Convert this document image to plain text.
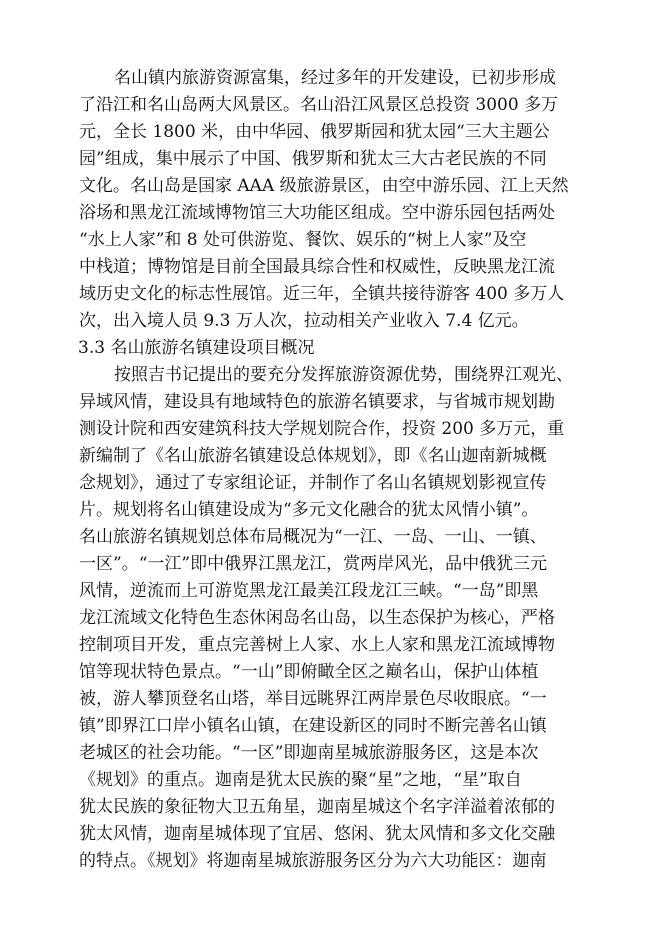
名山镇内旅游资源富集，经过多年的开发建设，已初步形成
了沿江和名山岛两大风景区。名山沿江风景区总投资 3000 多万
元，全长 1800 米，由中华园、俄罗斯园和犹太园“三大主题公
园”组成，集中展示了中国、俄罗斯和犹太三大古老民族的不同
文化。名山岛是国家 AAA 级旅游景区，由空中游乐园、江上天然
浴场和黑龙江流域博物馆三大功能区组成。空中游乐园包括两处
“水上人家”和 8 处可供游览、餐饮、娱乐的“树上人家”及空
中栈道；博物馆是目前全国最具综合性和权威性，反映黑龙江流
域历史文化的标志性展馆。近三年，全镇共接待游客 400 多万人
次，出入境人员 9.3 万人次，拉动相关产业收入 7.4 亿元。
3.3 名山旅游名镇建设项目概况
按照吉书记提出的要充分发挥旅游资源优势，围绕界江观光、
异域风情，建设具有地域特色的旅游名镇要求，与省城市规划勘
测设计院和西安建筑科技大学规划院合作，投资 200 多万元，重
新编制了《名山旅游名镇建设总体规划》，即《名山迦南新城概
念规划》，通过了专家组论证，并制作了名山名镇规划影视宣传
片。规划将名山镇建设成为“多元文化融合的犹太风情小镇”。
名山旅游名镇规划总体布局概况为“一江、一岛、一山、一镇、
一区”。“一江”即中俄界江黑龙江，赏两岸风光，品中俄犹三元
风情，逆流而上可游览黑龙江最美江段龙江三峡。“一岛”即黑
龙江流域文化特色生态休闲岛名山岛，以生态保护为核心，严格
控制项目开发，重点完善树上人家、水上人家和黑龙江流域博物
馆等现状特色景点。“一山”即俯瞰全区之巅名山，保护山体植
被，游人攀顶登名山塔，举目远眺界江两岸景色尽收眼底。“一
镇”即界江口岸小镇名山镇，在建设新区的同时不断完善名山镇
老城区的社会功能。“一区”即迦南星城旅游服务区，这是本次
《规划》的重点。迦南是犹太民族的聚“星”之地，“星”取自
犹太民族的象征物大卫五角星，迦南星城这个名字洋溢着浓郁的
犹太风情，迦南星城体现了宜居、悠闲、犹太风情和多文化交融
的特点。《规划》将迦南星城旅游服务区分为六大功能区：迦南
